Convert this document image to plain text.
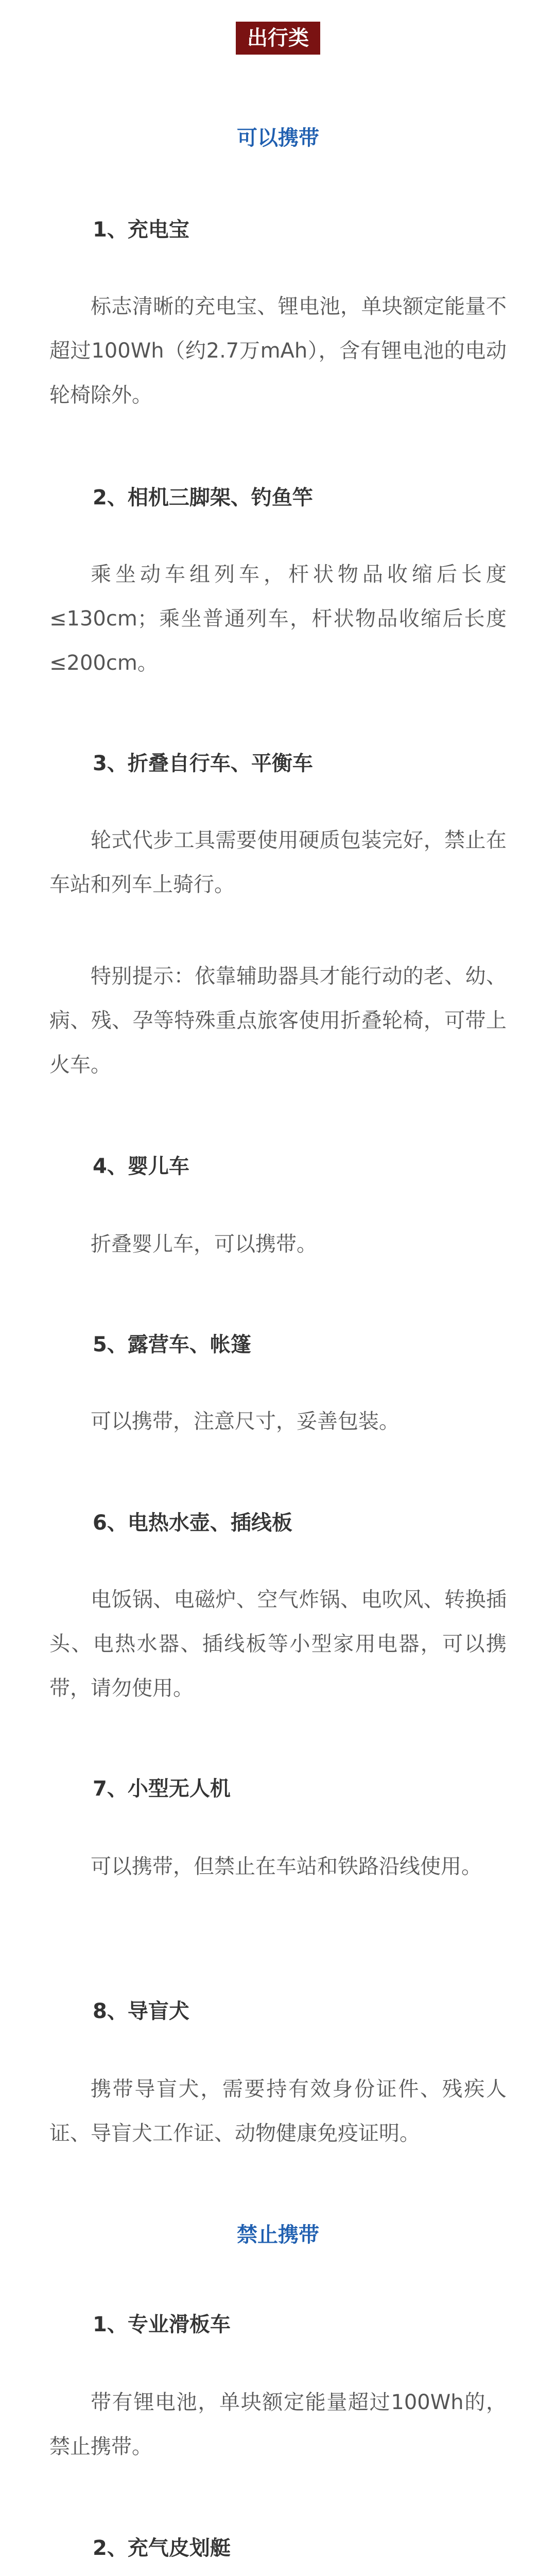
出行类
可以携带
1、充电宝
标志清晰的充电宝、锂电池，单块额定能量不超过100Wh（约2.7万mAh），含有锂电池的电动轮椅除外。
2、相机三脚架、钓鱼竿
乘坐动车组列车，杆状物品收缩后长度≤130cm；乘坐普通列车，杆状物品收缩后长度≤200cm。
3、折叠自行车、平衡车
轮式代步工具需要使用硬质包装完好，禁止在车站和列车上骑行。
特别提示：依靠辅助器具才能行动的老、幼、病、残、孕等特殊重点旅客使用折叠轮椅，可带上火车。
4、婴儿车
折叠婴儿车，可以携带。
5、露营车、帐篷
可以携带，注意尺寸，妥善包装。
6、电热水壶、插线板
电饭锅、电磁炉、空气炸锅、电吹风、转换插头、电热水器、插线板等小型家用电器，可以携带，请勿使用。
7、小型无人机
可以携带，但禁止在车站和铁路沿线使用。
8、导盲犬
携带导盲犬，需要持有效身份证件、残疾人证、导盲犬工作证、动物健康免疫证明。
禁止携带
1、专业滑板车
带有锂电池，单块额定能量超过100Wh的，禁止携带。
2、充气皮划艇
